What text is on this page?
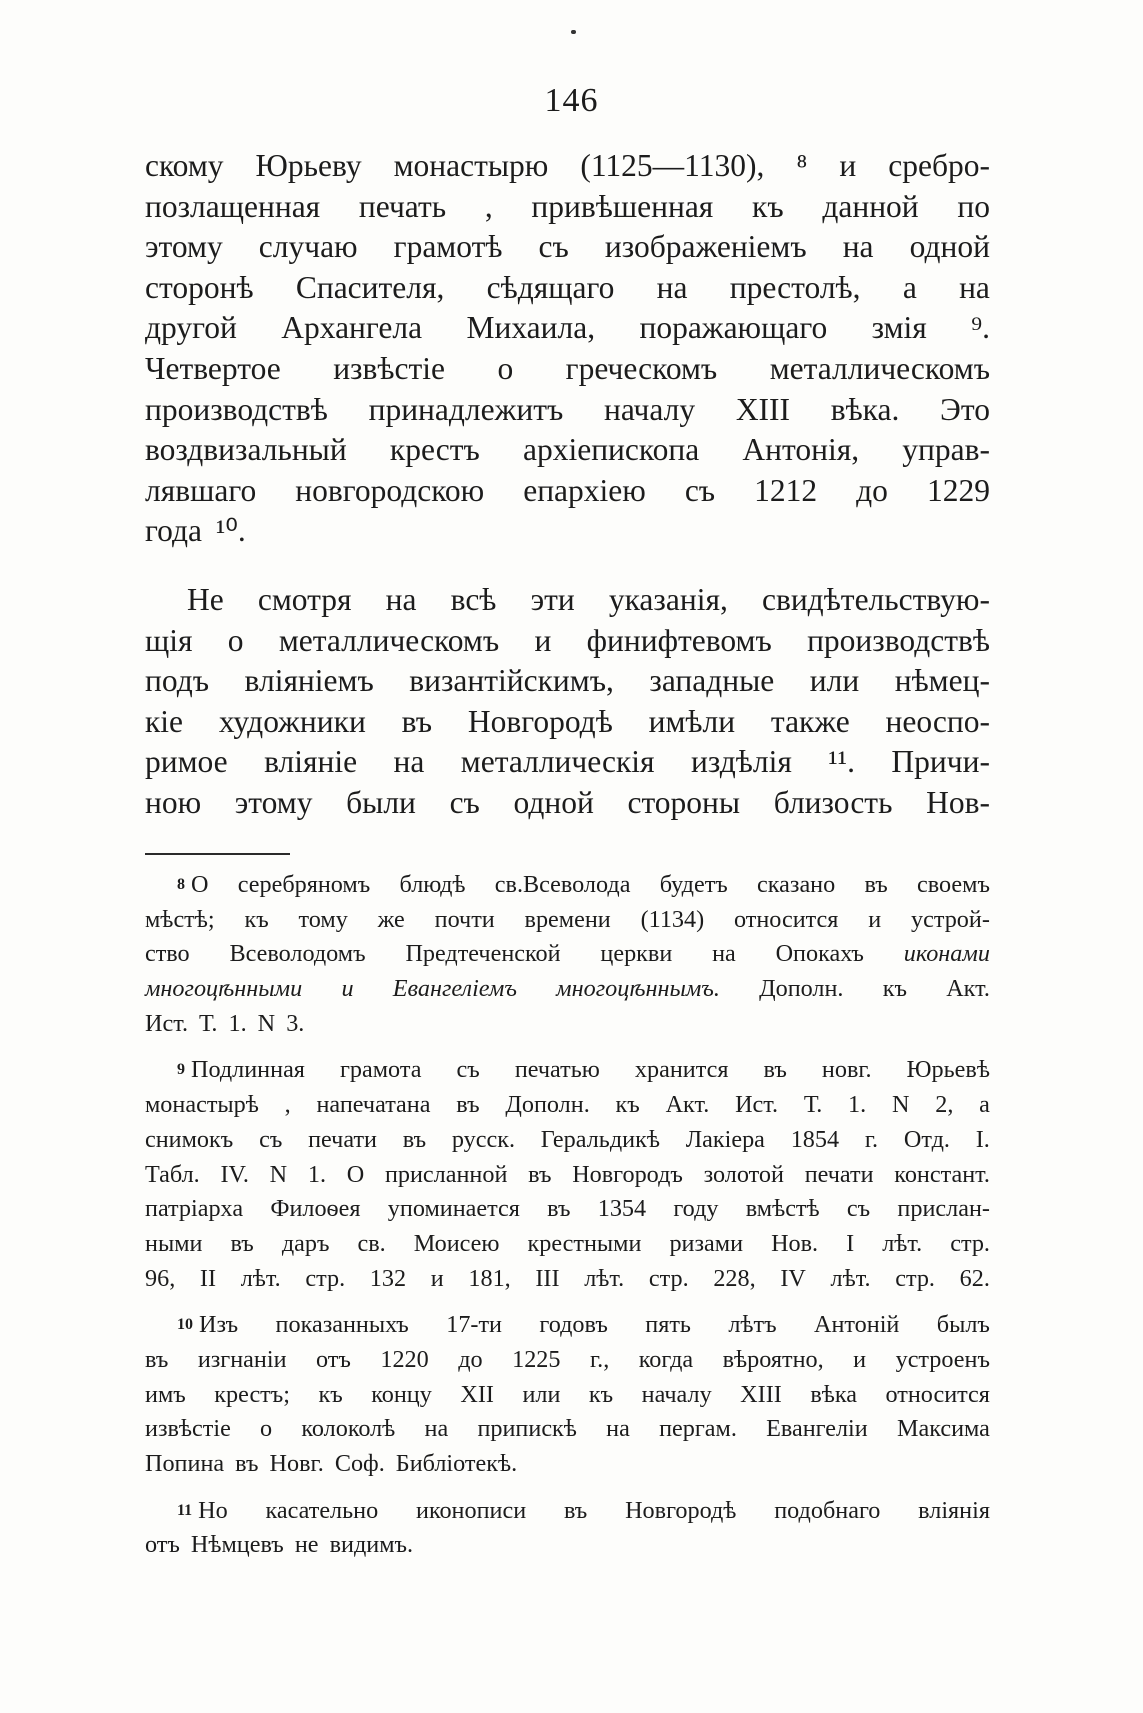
146
скому Юрьеву монастырю (1125—1130), ⁸ и сребро-
позлащенная печать , привѣшенная къ данной по
этому случаю грамотѣ съ изображеніемъ на одной
сторонѣ Спасителя, сѣдящаго на престолѣ, а на
другой Архангела Михаила, поражающаго змія ⁹.
Четвертое извѣстіе о греческомъ металлическомъ
производствѣ принадлежитъ началу XIII вѣка. Это
воздвизальный крестъ архіепископа Антонія, управ-
лявшаго новгородскою епархіею съ 1212 до 1229
года ¹⁰.
Не смотря на всѣ эти указанія, свидѣтельствую-
щія о металлическомъ и финифтевомъ производствѣ
подъ вліяніемъ византійскимъ, западные или нѣмец-
кіе художники въ Новгородѣ имѣли также неоспо-
римое вліяніе на металлическія издѣлія ¹¹. Причи-
ною этому были съ одной стороны близость Нов-
8 О серебряномъ блюдѣ св.Всеволода будетъ сказано въ своемъ
мѣстѣ; къ тому же почти времени (1134) относится и устрой-
ство Всеволодомъ Предтеченской церкви на Опокахъ иконами
многоцѣнными и Евангеліемъ многоцѣннымъ. Дополн. къ Акт.
Ист. Т. 1. N 3.
9 Подлинная грамота съ печатью хранится въ новг. Юрьевѣ
монастырѣ , напечатана въ Дополн. къ Акт. Ист. Т. 1. N 2, а
снимокъ съ печати въ русск. Геральдикѣ Лакіера 1854 г. Отд. I.
Табл. IV. N 1. О присланной въ Новгородъ золотой печати констант.
патріарха Филоѳея упоминается въ 1354 году вмѣстѣ съ прислан-
ными въ даръ св. Моисею крестными ризами Нов. I лѣт. стр.
96, II лѣт. стр. 132 и 181, III лѣт. стр. 228, IV лѣт. стр. 62.
10 Изъ показанныхъ 17-ти годовъ пять лѣтъ Антоній былъ
въ изгнаніи отъ 1220 до 1225 г., когда вѣроятно, и устроенъ
имъ крестъ; къ концу XII или къ началу XIII вѣка относится
извѣстіе о колоколѣ на припискѣ на пергам. Евангеліи Максима
Попина въ Новг. Соф. Библіотекѣ.
11 Но касательно иконописи въ Новгородѣ подобнаго вліянія
отъ Нѣмцевъ не видимъ.
